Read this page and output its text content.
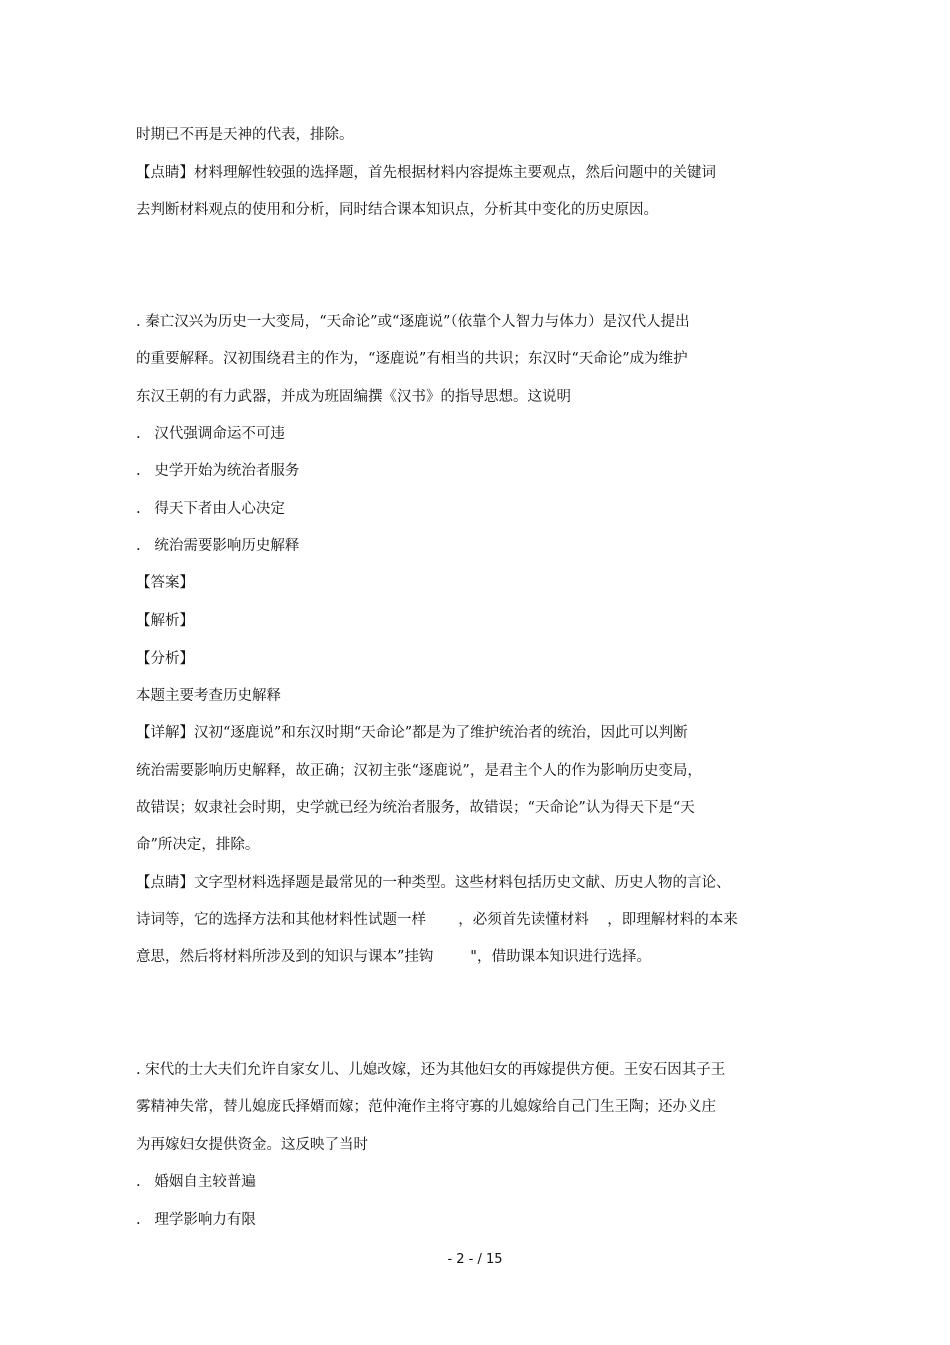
时期已不再是天神的代表，排除。
【点睛】材料理解性较强的选择题，首先根据材料内容提炼主要观点，然后问题中的关键词
去判断材料观点的使用和分析，同时结合课本知识点，分析其中变化的历史原因。
. 秦亡汉兴为历史一大变局，“天命论”或“逐鹿说”（依靠个人智力与体力）是汉代人提出
的重要解释。汉初围绕君主的作为，“逐鹿说”有相当的共识；东汉时“天命论”成为维护
东汉王朝的有力武器，并成为班固编撰《汉书》的指导思想。这说明
.   汉代强调命运不可违
.   史学开始为统治者服务
.   得天下者由人心决定
.   统治需要影响历史解释
【答案】
【解析】
【分析】
本题主要考查历史解释
【详解】汉初“逐鹿说”和东汉时期“天命论”都是为了维护统治者的统治，因此可以判断
统治需要影响历史解释，故正确；汉初主张“逐鹿说”，是君主个人的作为影响历史变局，
故错误；奴隶社会时期，史学就已经为统治者服务，故错误；“天命论”认为得天下是“天
命”所决定，排除。
【点睛】文字型材料选择题是最常见的一种类型。这些材料包括历史文献、历史人物的言论、
诗词等，它的选择方法和其他材料性试题一样       ，必须首先读懂材料    ，即理解材料的本来
意思，然后将材料所涉及到的知识与课本”挂钩        "，借助课本知识进行选择。
. 宋代的士大夫们允许自家女儿、儿媳改嫁，还为其他妇女的再嫁提供方便。王安石因其子王
雾精神失常，替儿媳庞氏择婿而嫁；范仲淹作主将守寡的儿媳嫁给自己门生王陶；还办义庄
为再嫁妇女提供资金。这反映了当时
.   婚姻自主较普遍
.   理学影响力有限
- 2 - / 15
